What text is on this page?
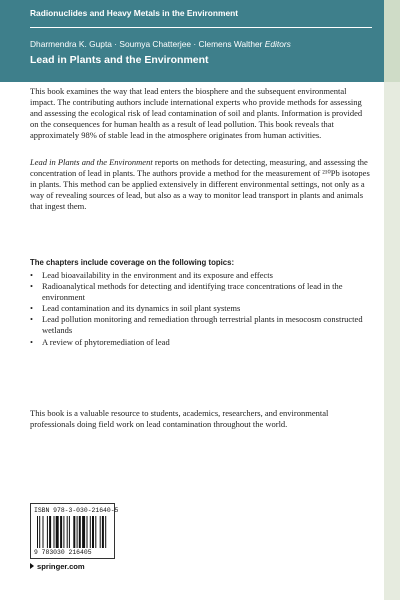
Radionuclides and Heavy Metals in the Environment
Dharmendra K. Gupta · Soumya Chatterjee · Clemens Walther Editors
Lead in Plants and the Environment

This book examines the way that lead enters the biosphere and the subsequent environmental impact. The contributing authors include international experts who provide methods for assessing and assessing the ecological risk of lead contamination of soil and plants. Information is provided on the consequences for human health as a result of lead pollution. This book reveals that approximately 98% of stable lead in the atmosphere originates from human activities.

Lead in Plants and the Environment reports on methods for detecting, measuring, and assessing the concentration of lead in plants. The authors provide a method for the measurement of ²¹⁰Pb isotopes in plants. This method can be applied extensively in different environmental settings, not only as a way of revealing sources of lead, but also as a way to monitor lead transport in plants and animals that ingest them.

The chapters include coverage on the following topics:
• Lead bioavailability in the environment and its exposure and effects
• Radioanalytical methods for detecting and identifying trace concentrations of lead in the environment
• Lead contamination and its dynamics in soil plant systems
• Lead pollution monitoring and remediation through terrestrial plants in mesocosm constructed wetlands
• A review of phytoremediation of lead

This book is a valuable resource to students, academics, researchers, and environmental professionals doing field work on lead contamination throughout the world.

ISBN 978-3-030-21640-5
9 783030 216405
springer.com
